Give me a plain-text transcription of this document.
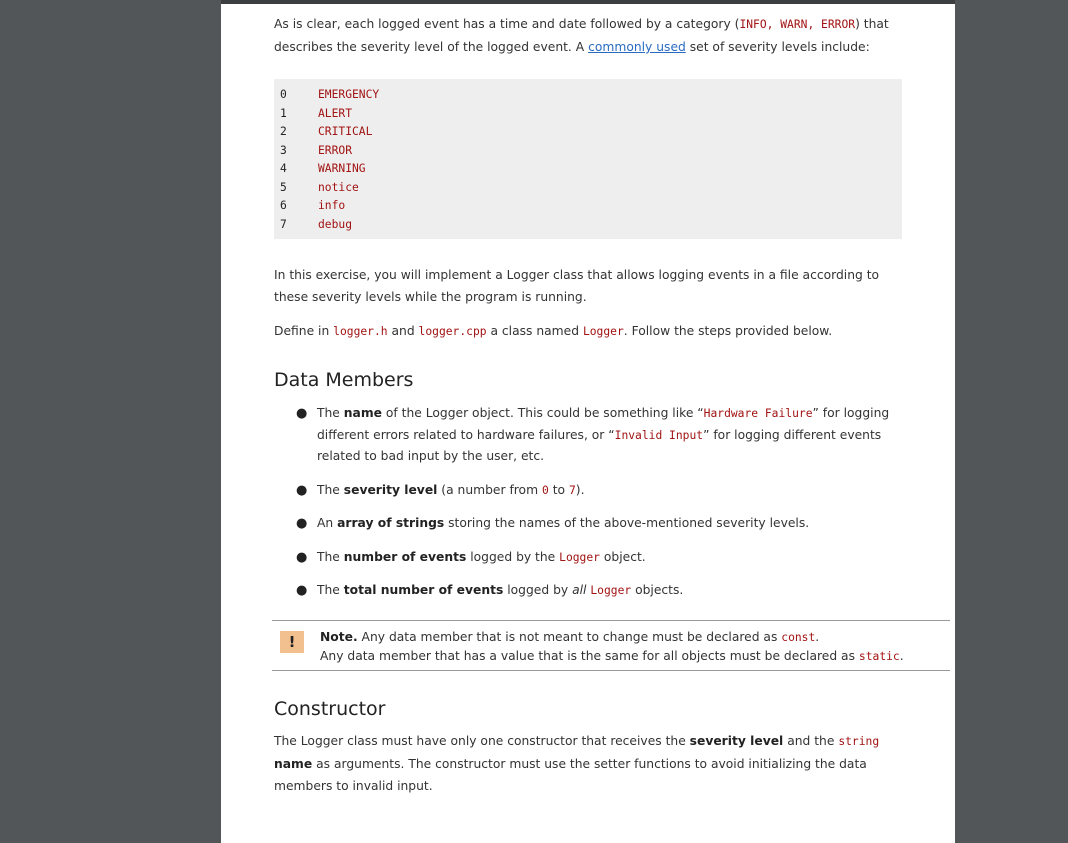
As is clear, each logged event has a time and date followed by a category (INFO, WARN, ERROR) that describes the severity level of the logged event. A commonly used set of severity levels include:

0	EMERGENCY
1	ALERT
2	CRITICAL
3	ERROR
4	WARNING
5	notice
6	info
7	debug

In this exercise, you will implement a Logger class that allows logging events in a file according to these severity levels while the program is running.

Define in logger.h and logger.cpp a class named Logger. Follow the steps provided below.

Data Members
● The name of the Logger object. This could be something like “Hardware Failure” for logging different errors related to hardware failures, or “Invalid Input” for logging different events related to bad input by the user, etc.
● The severity level (a number from 0 to 7).
● An array of strings storing the names of the above-mentioned severity levels.
● The number of events logged by the Logger object.
● The total number of events logged by all Logger objects.
!	Note. Any data member that is not meant to change must be declared as const.

Any data member that has a value that is the same for all objects must be declared as static.

Constructor

The Logger class must have only one constructor that receives the severity level and the string name as arguments. The constructor must use the setter functions to avoid initializing the data members to invalid input.
